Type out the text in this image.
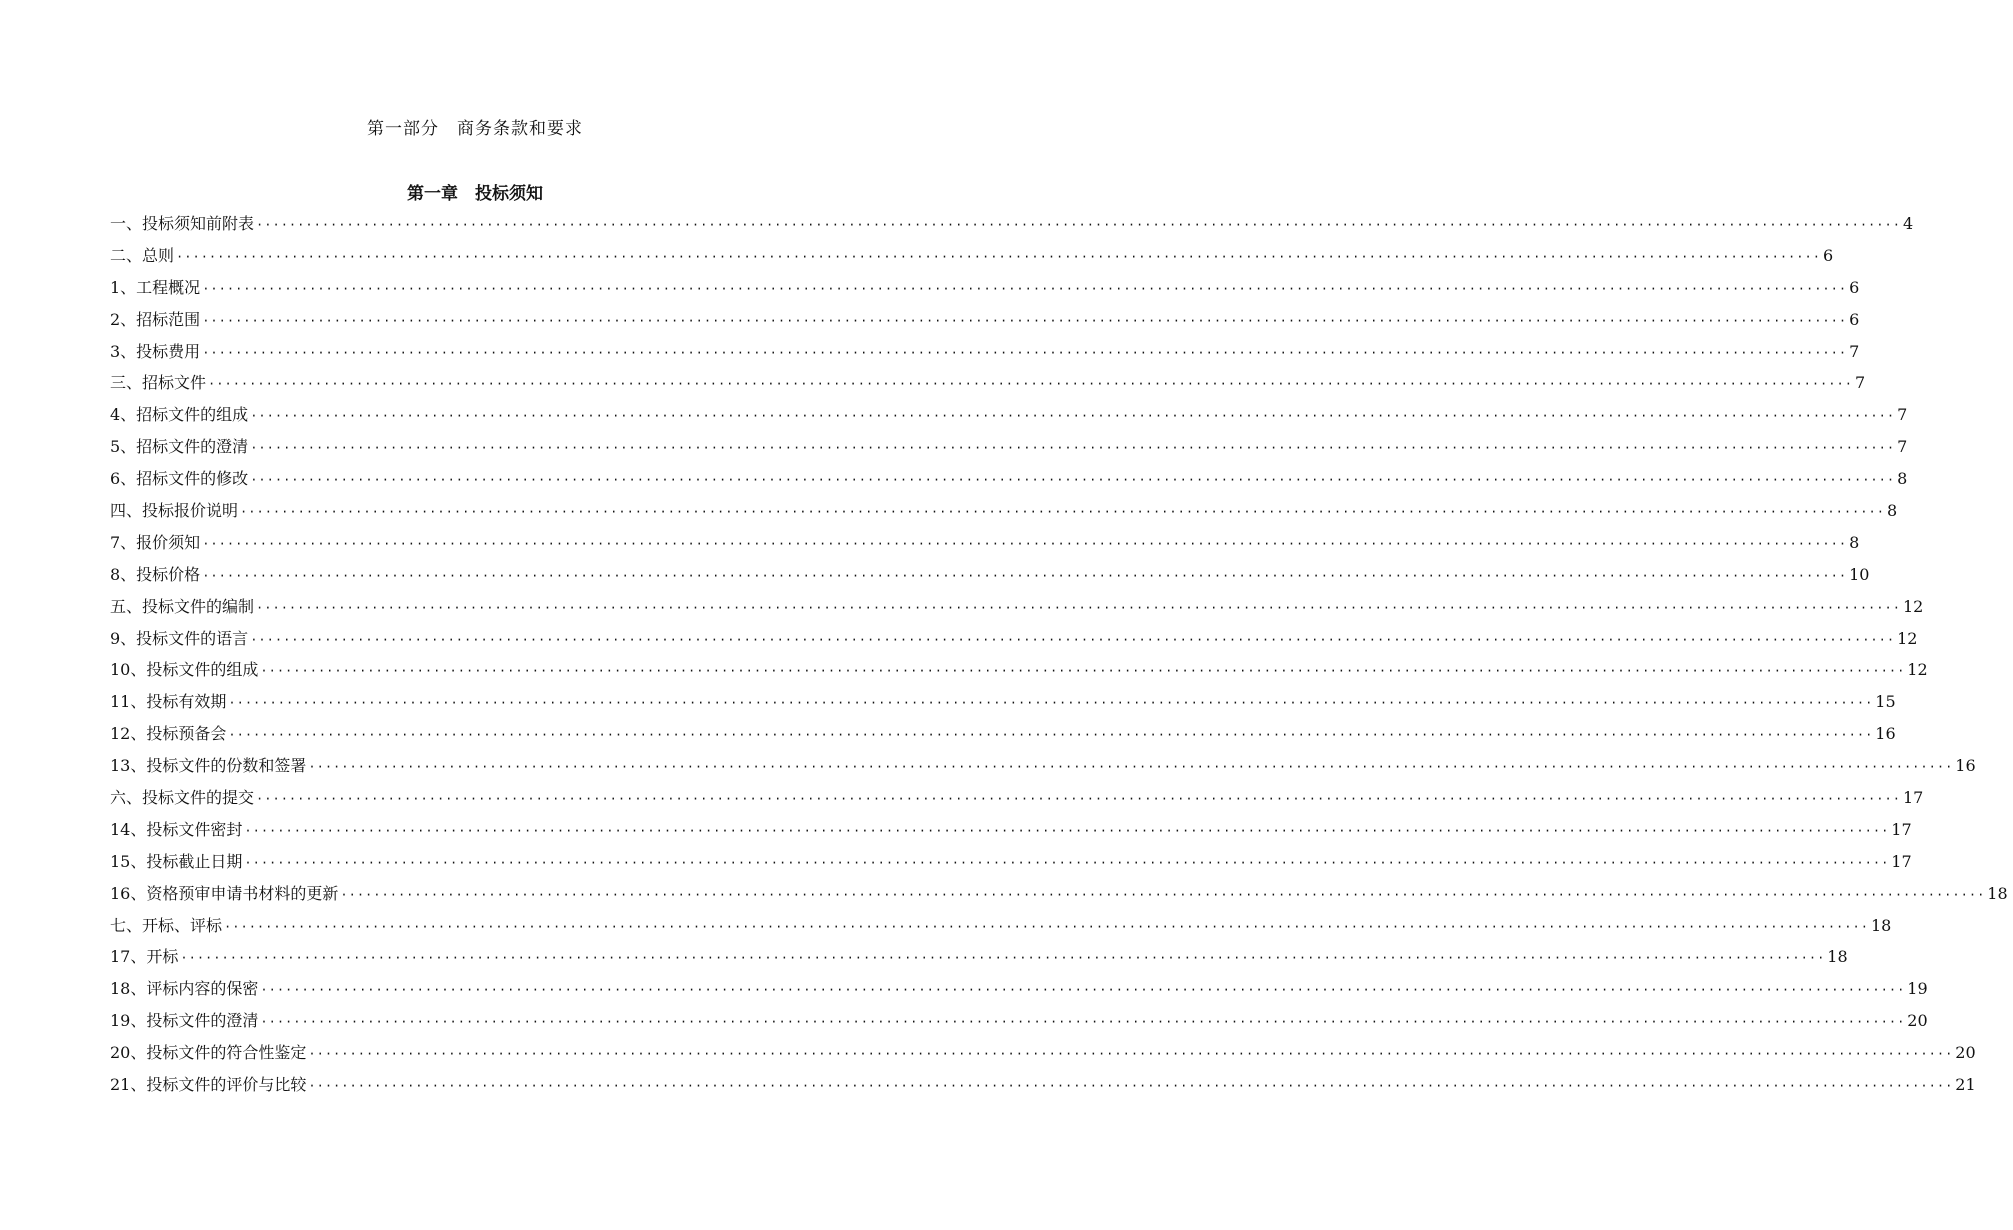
第一部分　商务条款和要求
第一章　投标须知
一、投标须知前附表 ········································································································································································································ 4
二、总则 ········································································································································································································ 6
1、工程概况 ········································································································································································································ 6
2、招标范围 ········································································································································································································ 6
3、投标费用 ········································································································································································································ 7
三、招标文件 ········································································································································································································ 7
4、招标文件的组成 ········································································································································································································ 7
5、招标文件的澄清 ········································································································································································································ 7
6、招标文件的修改 ········································································································································································································ 8
四、投标报价说明 ········································································································································································································ 8
7、报价须知 ········································································································································································································ 8
8、投标价格 ········································································································································································································ 10
五、投标文件的编制 ········································································································································································································ 12
9、投标文件的语言 ········································································································································································································ 12
10、投标文件的组成 ········································································································································································································ 12
11、投标有效期 ········································································································································································································ 15
12、投标预备会 ········································································································································································································ 16
13、投标文件的份数和签署 ········································································································································································································ 16
六、投标文件的提交 ········································································································································································································ 17
14、投标文件密封 ········································································································································································································ 17
15、投标截止日期 ········································································································································································································ 17
16、资格预审申请书材料的更新 ········································································································································································································ 18
七、开标、评标 ········································································································································································································ 18
17、开标 ········································································································································································································ 18
18、评标内容的保密 ········································································································································································································ 19
19、投标文件的澄清 ········································································································································································································ 20
20、投标文件的符合性鉴定 ········································································································································································································ 20
21、投标文件的评价与比较 ········································································································································································································ 21
